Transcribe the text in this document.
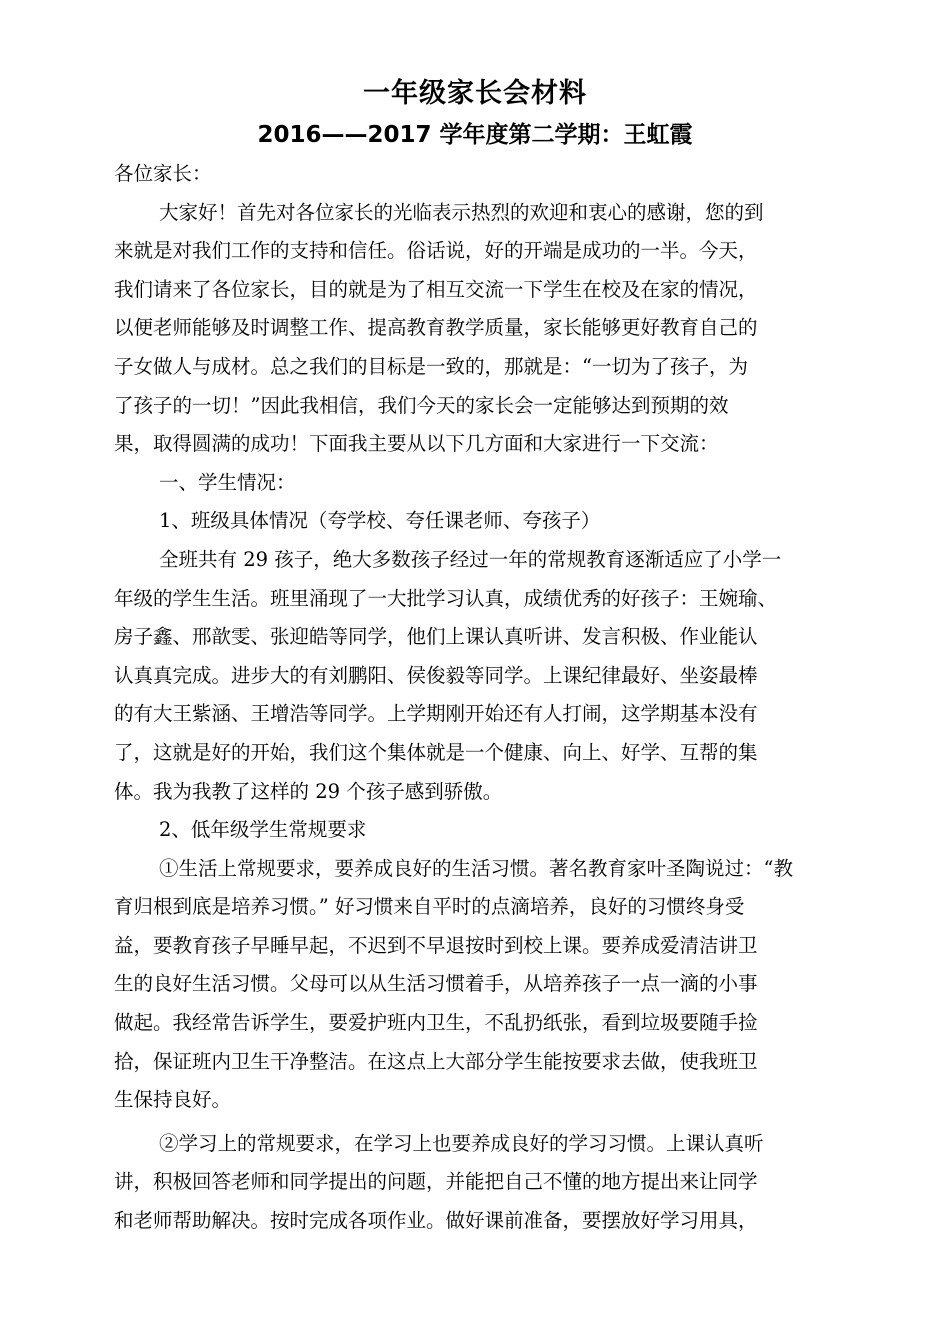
一年级家长会材料
2016——2017 学年度第二学期：王虹霞
各位家长：
大家好！首先对各位家长的光临表示热烈的欢迎和衷心的感谢，您的到
来就是对我们工作的支持和信任。俗话说，好的开端是成功的一半。今天，
我们请来了各位家长，目的就是为了相互交流一下学生在校及在家的情况，
以便老师能够及时调整工作、提高教育教学质量，家长能够更好教育自己的
子女做人与成材。总之我们的目标是一致的，那就是：“一切为了孩子，为
了孩子的一切！”因此我相信，我们今天的家长会一定能够达到预期的效
果，取得圆满的成功！下面我主要从以下几方面和大家进行一下交流：
一、学生情况：
1、班级具体情况（夸学校、夸任课老师、夸孩子）
全班共有 29 孩子，绝大多数孩子经过一年的常规教育逐渐适应了小学一
年级的学生生活。班里涌现了一大批学习认真，成绩优秀的好孩子：王婉瑜、
房子鑫、邢歆雯、张迎皓等同学，他们上课认真听讲、发言积极、作业能认
认真真完成。进步大的有刘鹏阳、侯俊毅等同学。上课纪律最好、坐姿最棒
的有大王紫涵、王增浩等同学。上学期刚开始还有人打闹，这学期基本没有
了，这就是好的开始，我们这个集体就是一个健康、向上、好学、互帮的集
体。我为我教了这样的 29 个孩子感到骄傲。
2、低年级学生常规要求
①生活上常规要求，要养成良好的生活习惯。著名教育家叶圣陶说过：“教
育归根到底是培养习惯。” 好习惯来自平时的点滴培养，良好的习惯终身受
益，要教育孩子早睡早起，不迟到不早退按时到校上课。要养成爱清洁讲卫
生的良好生活习惯。父母可以从生活习惯着手，从培养孩子一点一滴的小事
做起。我经常告诉学生，要爱护班内卫生，不乱扔纸张，看到垃圾要随手捡
拾，保证班内卫生干净整洁。在这点上大部分学生能按要求去做，使我班卫
生保持良好。
②学习上的常规要求，在学习上也要养成良好的学习习惯。上课认真听
讲，积极回答老师和同学提出的问题，并能把自己不懂的地方提出来让同学
和老师帮助解决。按时完成各项作业。做好课前准备，要摆放好学习用具，
